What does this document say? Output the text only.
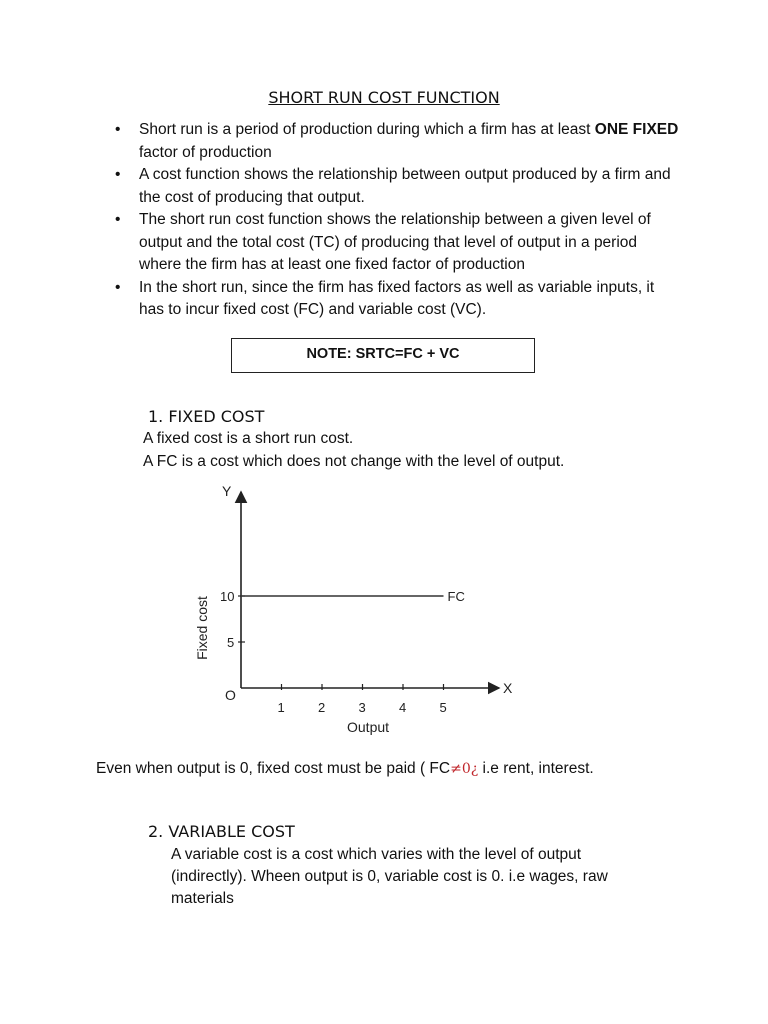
SHORT RUN COST FUNCTION
• Short run is a period of production during which a firm has at least ONE FIXED factor of production
• A cost function shows the relationship between output produced by a firm and the cost of producing that output.
• The short run cost function shows the relationship between a given level of output and the total cost (TC) of producing that level of output in a period where the firm has at least one fixed factor of production
• In the short run, since the firm has fixed factors as well as variable inputs, it has to incur fixed cost (FC) and variable cost (VC).
NOTE: SRTC=FC + VC
1. FIXED COST
A fixed cost is a short run cost.
A FC is a cost which does not change with the level of output.
Y
X
O
1	2	3	4	5
5
10	FC
Output
Fixed cost
Even when output is 0, fixed cost must be paid ( FC≠0¿ i.e rent, interest.
2. VARIABLE COST
A variable cost is a cost which varies with the level of output
(indirectly). Wheen output is 0, variable cost is 0. i.e wages, raw
materials
